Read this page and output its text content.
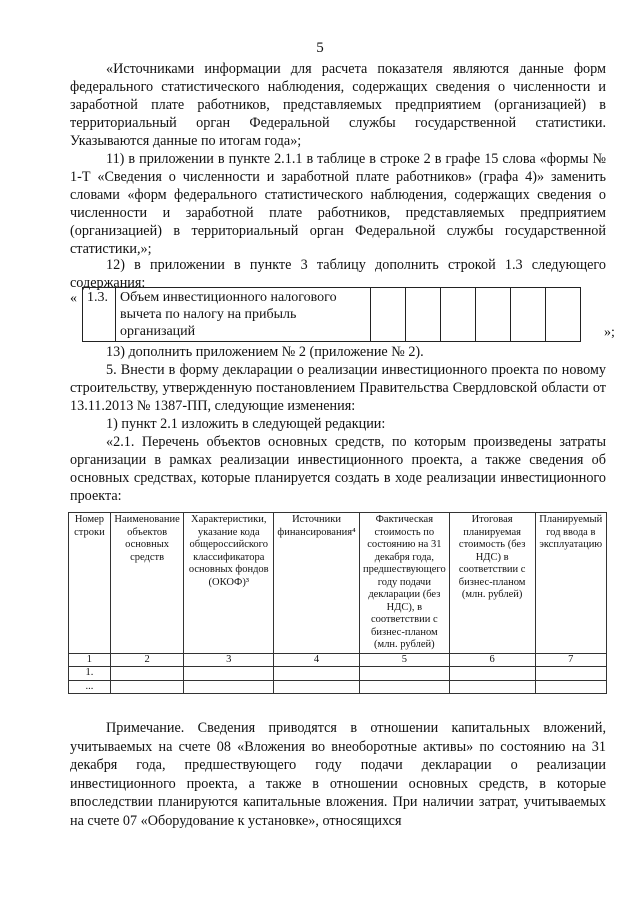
5

«Источниками информации для расчета показателя являются данные форм федерального статистического наблюдения, содержащих сведения о численности и заработной плате работников, представляемых предприятием (организацией) в территориальный орган Федеральной службы государственной статистики. Указываются данные по итогам года»;

11) в приложении в пункте 2.1.1 в таблице в строке 2 в графе 15 слова «формы № 1-Т «Сведения о численности и заработной плате работников» (графа 4)» заменить словами «форм федерального статистического наблюдения, содержащих сведения о численности и заработной плате работников, представляемых предприятием (организацией) в территориальный орган Федеральной службы государственной статистики,»;

12) в приложении в пункте 3 таблицу дополнить строкой 1.3 следующего содержания:

« 1.3.	Объем инвестиционного налогового вычета по налогу на прибыль организаций							»;

13) дополнить приложением № 2 (приложение № 2).

5. Внести в форму декларации о реализации инвестиционного проекта по новому строительству, утвержденную постановлением Правительства Свердловской области от 13.11.2013 № 1387-ПП, следующие изменения:

1) пункт 2.1 изложить в следующей редакции:

«2.1. Перечень объектов основных средств, по которым произведены затраты организации в рамках реализации инвестиционного проекта, а также сведения об основных средствах, которые планируется создать в ходе реализации инвестиционного проекта:

Номер строки	Наименование объектов основных средств	Характеристики, указание кода общероссийского классификатора основных фондов (ОКОФ)³	Источники финансирования⁴	Фактическая стоимость по состоянию на 31 декабря года, предшествующего году подачи декларации (без НДС), в соответствии с бизнес-планом (млн. рублей)	Итоговая планируемая стоимость (без НДС) в соответствии с бизнес-планом (млн. рублей)	Планируемый год ввода в эксплуатацию
1	2	3	4	5	6	7
1.						
...						

Примечание. Сведения приводятся в отношении капитальных вложений, учитываемых на счете 08 «Вложения во внеоборотные активы» по состоянию на 31 декабря года, предшествующего году подачи декларации о реализации инвестиционного проекта, а также в отношении основных средств, в которые впоследствии планируются капитальные вложения. При наличии затрат, учитываемых на счете 07 «Оборудование к установке», относящихся
